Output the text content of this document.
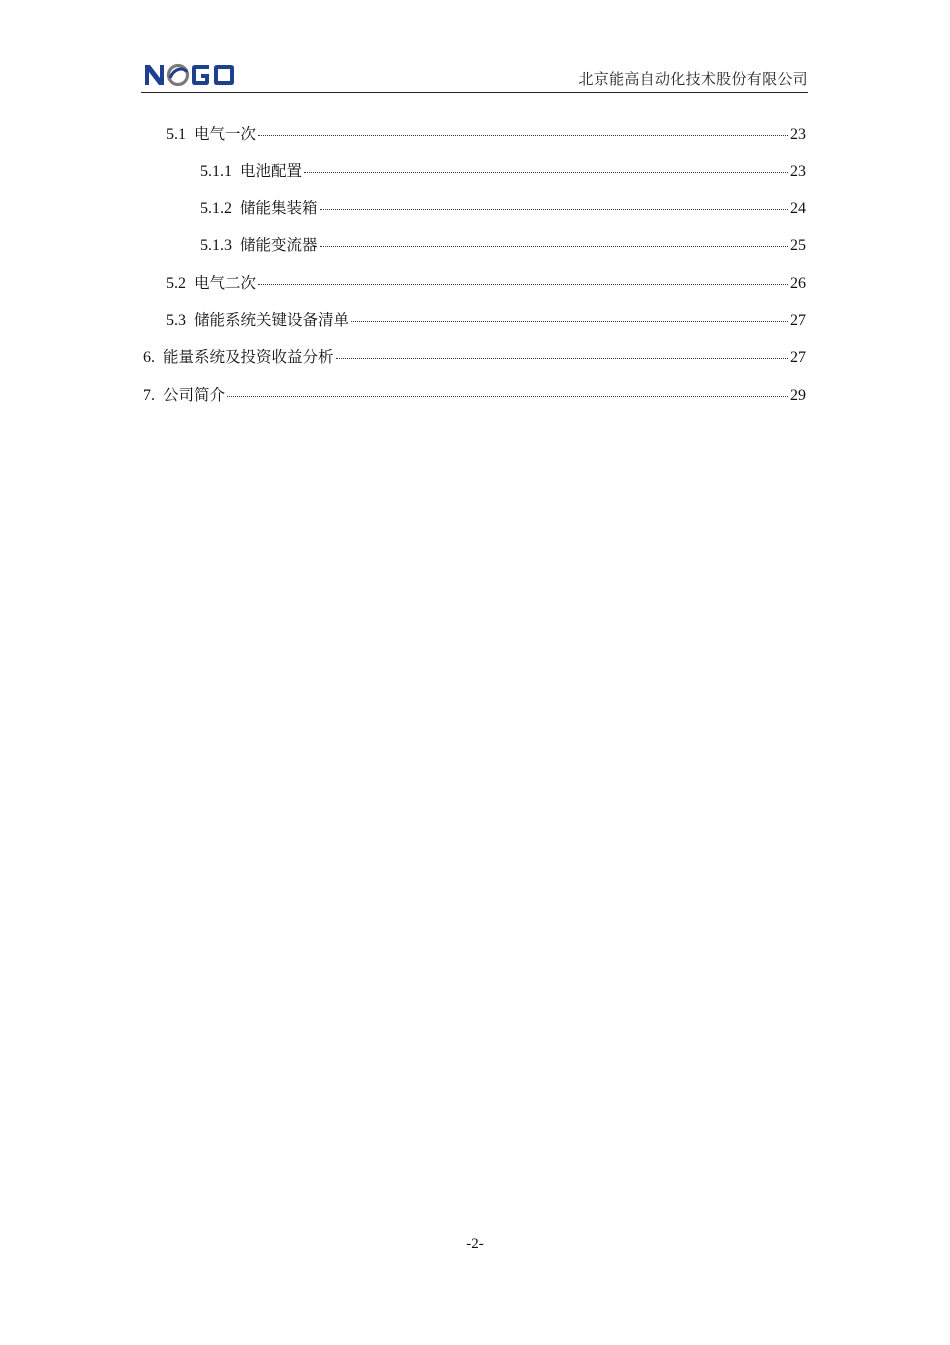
北京能高自动化技术股份有限公司
5.1 电气一次	23
5.1.1 电池配置	23
5.1.2 储能集装箱	24
5.1.3 储能变流器	25
5.2 电气二次	26
5.3 储能系统关键设备清单	27
6. 能量系统及投资收益分析	27
7. 公司简介	29
-2-
